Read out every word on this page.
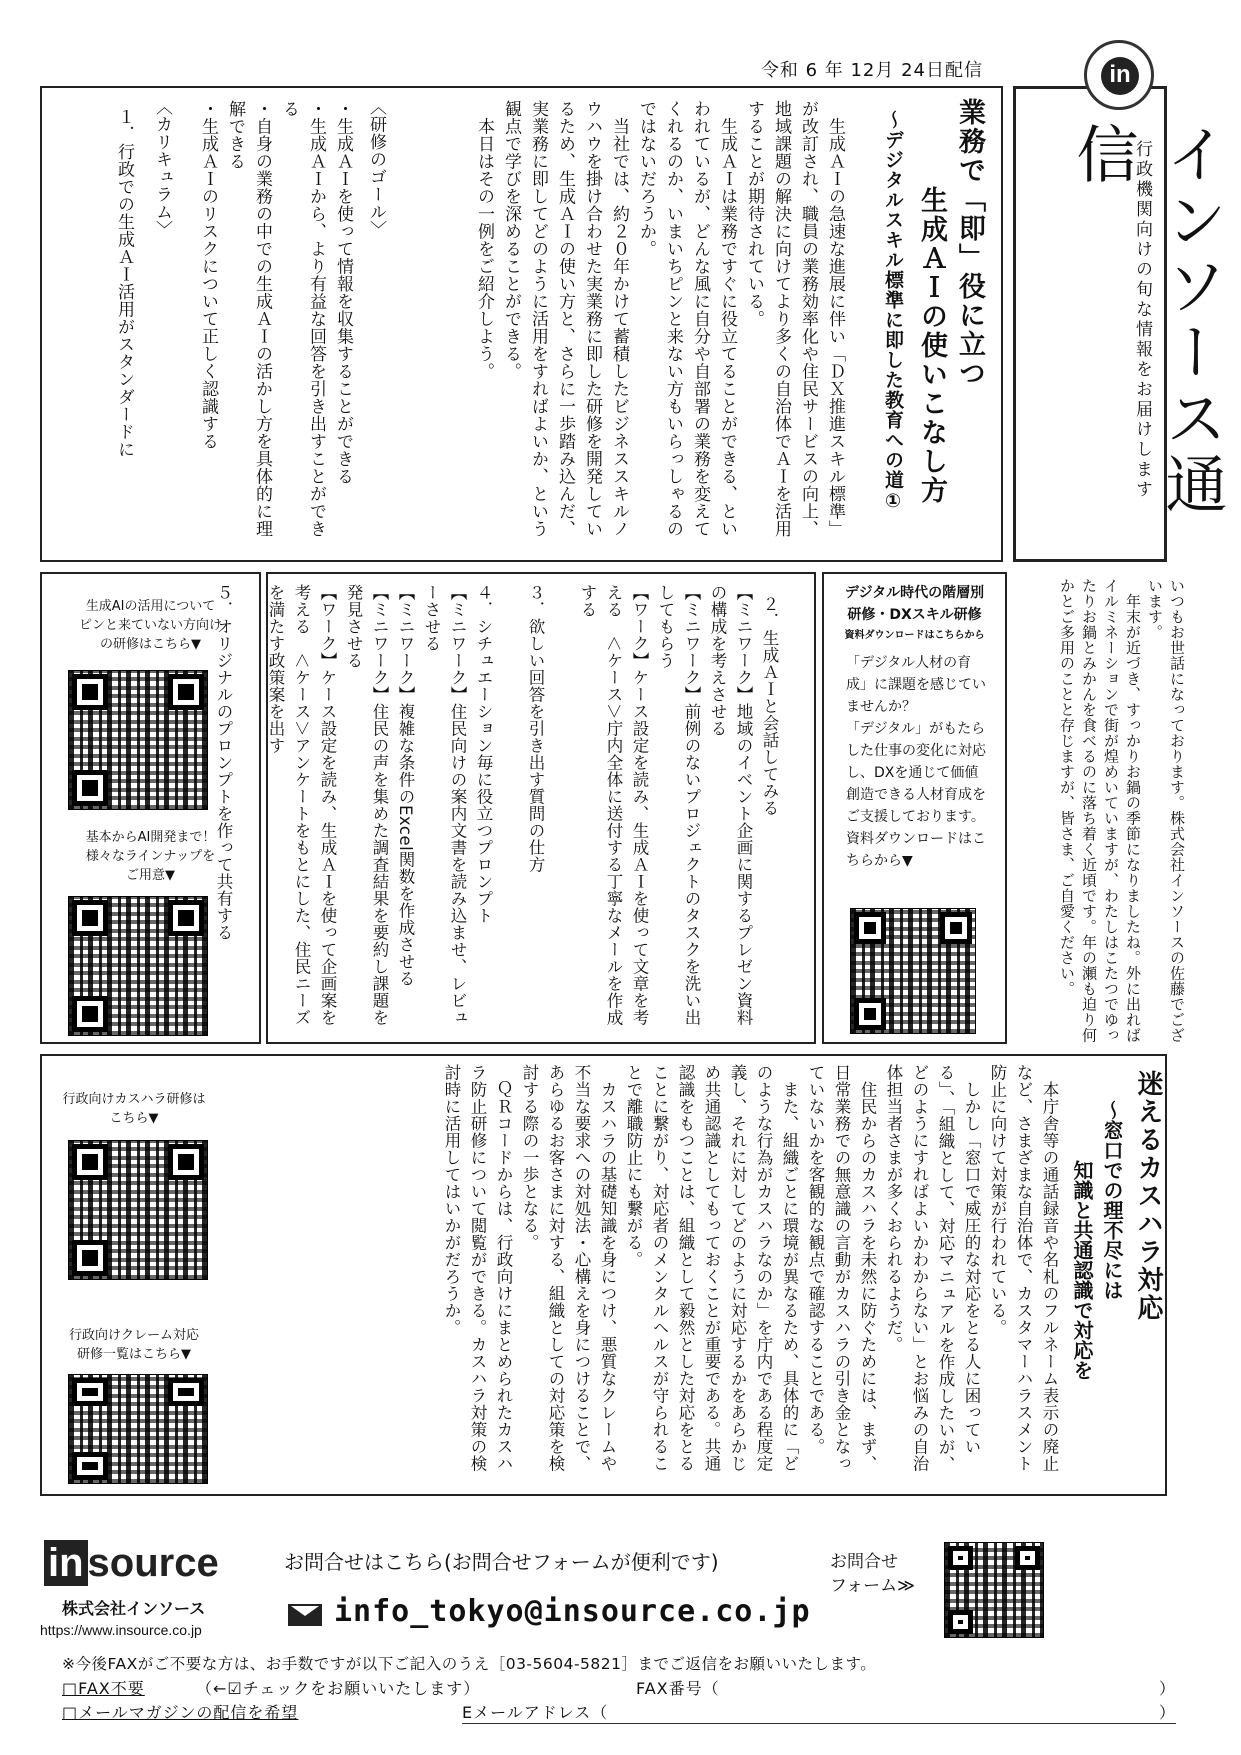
令和 6 年 12月 24日配信
インソース通信
行政機関向けの旬な情報をお届けします
in
業務で「即」役に立つ
生成ＡＩの使いこなし方
～デジタルスキル標準に即した教育への道①
　生成ＡＩの急速な進展に伴い「ＤＸ推進スキル標準」が改訂され、職員の業務効率化や住民サービスの向上、地域課題の解決に向けてより多くの自治体でＡＩを活用することが期待されている。
　生成ＡＩは業務ですぐに役立てることができる、といわれているが、どんな風に自分や自部署の業務を変えてくれるのか、いまいちピンと来ない方もいらっしゃるのではないだろうか。
　当社では、約２０年かけて蓄積したビジネススキルノウハウを掛け合わせた実業務に即した研修を開発しているため、生成ＡＩの使い方と、さらに一歩踏み込んだ、実業務に即してどのように活用をすればよいか、という観点で学びを深めることができる。
　本日はその一例をご紹介しよう。
〈研修のゴール〉
・生成ＡＩを使って情報を収集することができる
・生成ＡＩから、より有益な回答を引き出すことができる
・自身の業務の中での生成ＡＩの活かし方を具体的に理解できる
・生成ＡＩのリスクについて正しく認識する
〈カリキュラム〉
１．行政での生成ＡＩ活用がスタンダードに
生成AIの活用について
ピンと来ていない方向け
の研修はこちら▼
基本からAI開発まで！
様々なラインナップを
ご用意▼

２．生成ＡＩと会話してみる
【ミニワーク】地域のイベント企画に関するプレゼン資料の構成を考えさせる
【ミニワーク】前例のないプロジェクトのタスクを洗い出してもらう
【ワーク】ケース設定を読み、生成ＡＩを使って文章を考える　＜ケース＞庁内全体に送付する丁寧なメールを作成する

３．欲しい回答を引き出す質問の仕方

４．シチュエーション毎に役立つプロンプト
【ミニワーク】住民向けの案内文書を読み込ませ、レビューさせる
【ミニワーク】複雑な条件のExcel関数を作成させる
【ミニワーク】住民の声を集めた調査結果を要約し課題を発見させる
【ワーク】ケース設定を読み、生成ＡＩを使って企画案を考える　＜ケース＞アンケートをもとにした、住民ニーズを満たす政策案を出す

５．オリジナルのプロンプトを作って共有する	デジタル時代の階層別
研修・DXスキル研修
資料ダウンロードはこちらから
「デジタル人材の育成」に課題を感じていませんか？
「デジタル」がもたらした仕事の変化に対応し、DXを通じて価値創造できる人材育成をご支援しております。資料ダウンロードはこちらから▼	いつもお世話になっております。株式会社インソースの佐藤でございます。
　年末が近づき、すっかりお鍋の季節になりましたね。外に出ればイルミネーションで街が煌めいていますが、わたしはこたつでゆったりお鍋とみかんを食べるのに落ち着く近頃です。年の瀬も迫り何かとご多用のことと存じますが、皆さま、ご自愛ください。
迷えるカスハラ対応
～窓口での理不尽には
知識と共通認識で対応を
　本庁舎等の通話録音や名札のフルネーム表示の廃止など、さまざまな自治体で、カスタマーハラスメント防止に向けて対策が行われている。
　しかし「窓口で威圧的な対応をとる人に困っている」、「組織として、対応マニュアルを作成したいが、どのようにすればよいかわからない」とお悩みの自治体担当者さまが多くおられるようだ。
　住民からのカスハラを未然に防ぐためには、まず、日常業務での無意識の言動がカスハラの引き金となっていないかを客観的な観点で確認することである。
　また、組織ごとに環境が異なるため、具体的に「どのような行為がカスハラなのか」を庁内である程度定義し、それに対してどのように対応するかをあらかじめ共通認識としてもっておくことが重要である。共通認識をもつことは、組織として毅然とした対応をとることに繋がり、対応者のメンタルヘルスが守られることで離職防止にも繋がる。
　カスハラの基礎知識を身につけ、悪質なクレームや不当な要求への対処法・心構えを身につけることで、あらゆるお客さまに対する、組織としての対応策を検討する際の一歩となる。
　ＱＲコードからは、行政向けにまとめられたカスハラ防止研修について閲覧ができる。カスハラ対策の検討時に活用してはいかがだろうか。
行政向けカスハラ研修は
こちら▼
行政向けクレーム対応
研修一覧はこちら▼
in source
株式会社インソース
https://www.insource.co.jp
お問合せはこちら(お問合せフォームが便利です)
info_tokyo@insource.co.jp
お問合せ
フォーム≫
※今後FAXがご不要な方は、お手数ですが以下ご記入のうえ［03-5604-5821］までご返信をお願いいたします。
□FAX不要	（←☑チェックをお願いいたします）	FAX番号（	）
□メールマガジンの配信を希望	Eメールアドレス（	）
